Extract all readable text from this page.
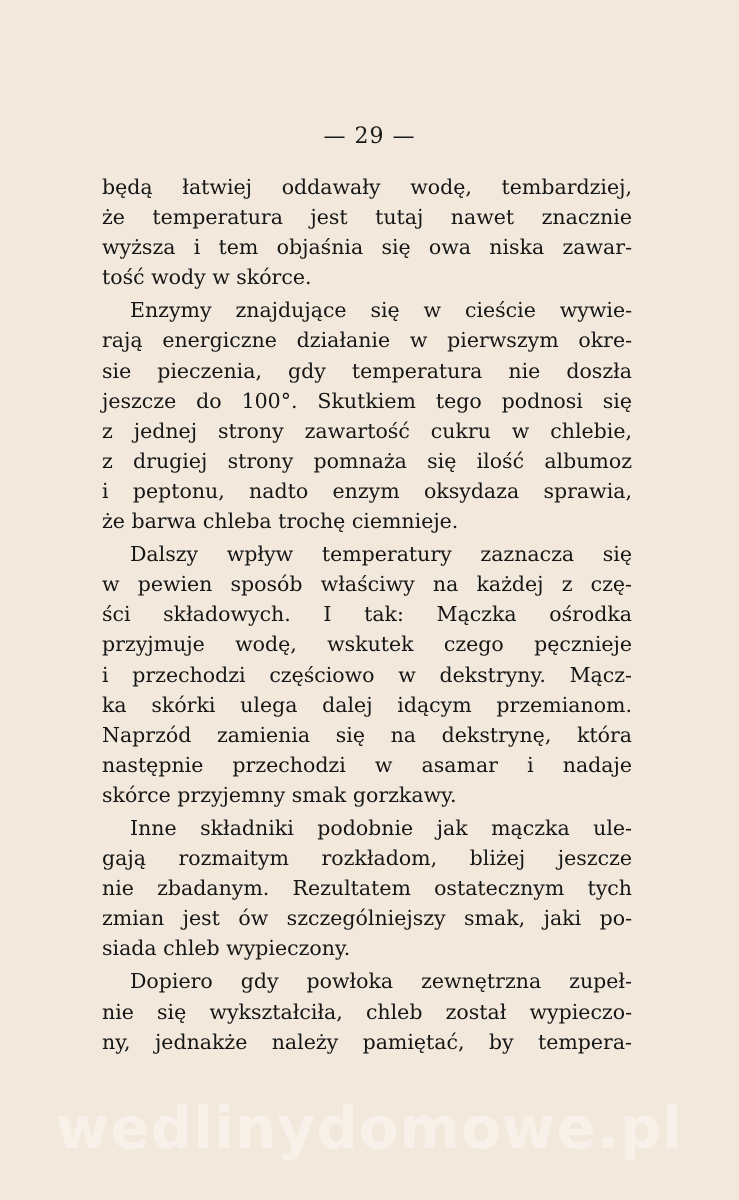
— 29 —
będą łatwiej oddawały wodę, tembardziej,
że temperatura jest tutaj nawet znacznie
wyższa i tem objaśnia się owa niska zawar-
tość wody w skórce.
Enzymy znajdujące się w cieście wywie-
rają energiczne działanie w pierwszym okre-
sie pieczenia, gdy temperatura nie doszła
jeszcze do 100°. Skutkiem tego podnosi się
z jednej strony zawartość cukru w chlebie,
z drugiej strony pomnaża się ilość albumoz
i peptonu, nadto enzym oksydaza sprawia,
że barwa chleba trochę ciemnieje.
Dalszy wpływ temperatury zaznacza się
w pewien sposób właściwy na każdej z czę-
ści składowych. I tak: Mączka ośrodka
przyjmuje wodę, wskutek czego pęcznieje
i przechodzi częściowo w dekstryny. Mącz-
ka skórki ulega dalej idącym przemianom.
Naprzód zamienia się na dekstrynę, która
następnie przechodzi w asamar i nadaje
skórce przyjemny smak gorzkawy.
Inne składniki podobnie jak mączka ule-
gają rozmaitym rozkładom, bliżej jeszcze
nie zbadanym. Rezultatem ostatecznym tych
zmian jest ów szczególniejszy smak, jaki po-
siada chleb wypieczony.
Dopiero gdy powłoka zewnętrzna zupeł-
nie się wykształciła, chleb został wypieczo-
ny, jednakże należy pamiętać, by tempera-
wedlinydomowe.pl
